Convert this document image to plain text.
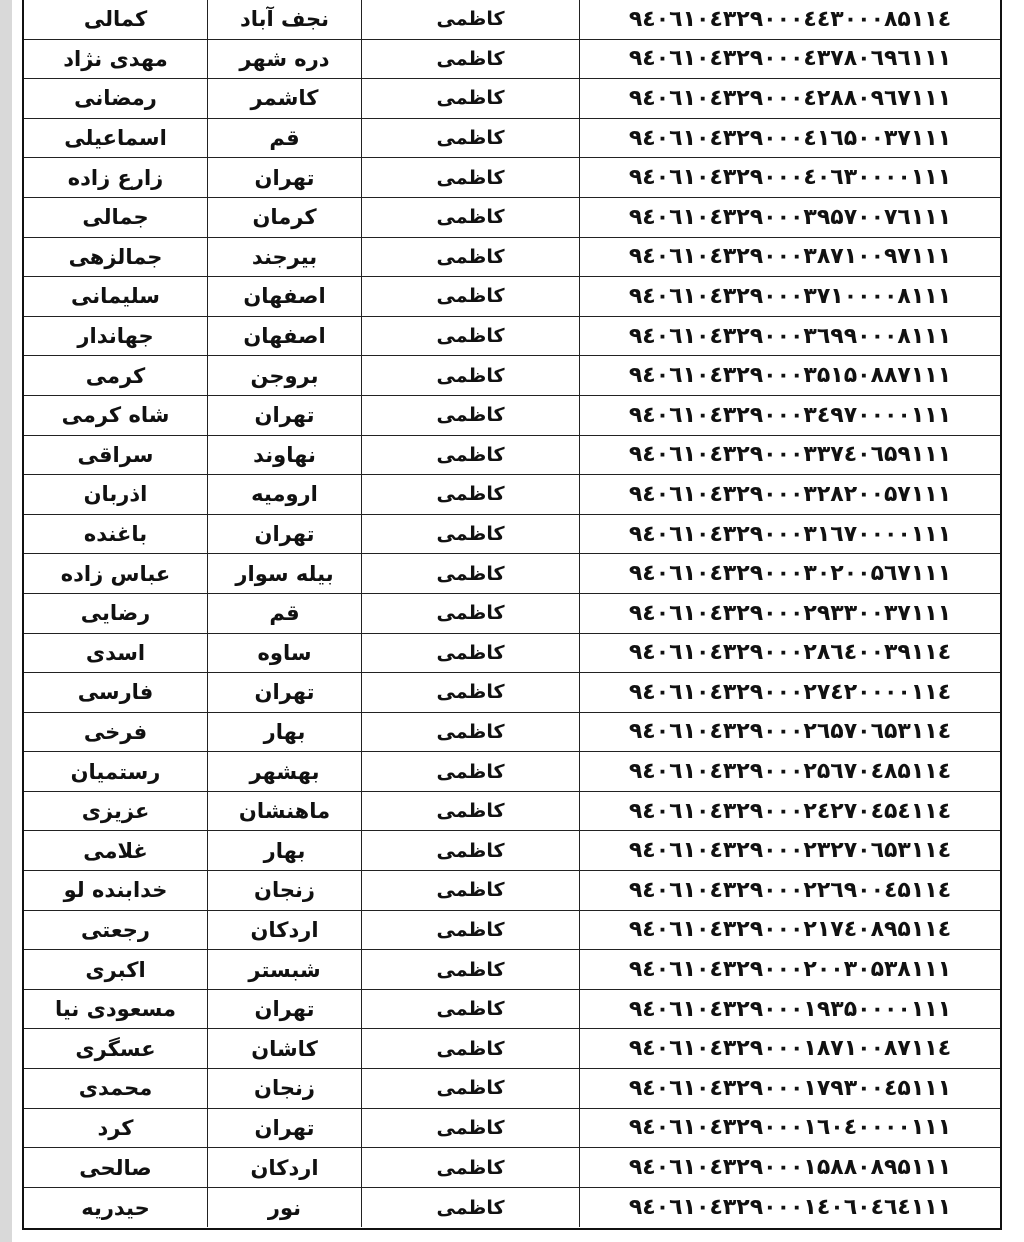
کمالی	نجف آباد	کاظمی	۹٤۰٦۱۰٤۳۲۹۰۰۰٤٤۳۰۰۰۸۵۱۱٤
مهدی نژاد	دره شهر	کاظمی	۹٤۰٦۱۰٤۳۲۹۰۰۰٤۳۷۸۰٦۹٦۱۱۱
رمضانی	کاشمر	کاظمی	۹٤۰٦۱۰٤۳۲۹۰۰۰٤۲۸۸۰۹٦۷۱۱۱
اسماعیلی	قم	کاظمی	۹٤۰٦۱۰٤۳۲۹۰۰۰٤۱٦۵۰۰۳۷۱۱۱
زارع زاده	تهران	کاظمی	۹٤۰٦۱۰٤۳۲۹۰۰۰٤۰٦۳۰۰۰۰۱۱۱
جمالی	کرمان	کاظمی	۹٤۰٦۱۰٤۳۲۹۰۰۰۳۹۵۷۰۰۷٦۱۱۱
جمالزهی	بیرجند	کاظمی	۹٤۰٦۱۰٤۳۲۹۰۰۰۳۸۷۱۰۰۹۷۱۱۱
سلیمانی	اصفهان	کاظمی	۹٤۰٦۱۰٤۳۲۹۰۰۰۳۷۱۰۰۰۰۸۱۱۱
جهاندار	اصفهان	کاظمی	۹٤۰٦۱۰٤۳۲۹۰۰۰۳٦۹۹۰۰۰۸۱۱۱
کرمی	بروجن	کاظمی	۹٤۰٦۱۰٤۳۲۹۰۰۰۳۵۱۵۰۸۸۷۱۱۱
شاه کرمی	تهران	کاظمی	۹٤۰٦۱۰٤۳۲۹۰۰۰۳٤۹۷۰۰۰۰۱۱۱
سراقی	نهاوند	کاظمی	۹٤۰٦۱۰٤۳۲۹۰۰۰۳۳۷٤۰٦۵۹۱۱۱
اذربان	ارومیه	کاظمی	۹٤۰٦۱۰٤۳۲۹۰۰۰۳۲۸۲۰۰۵۷۱۱۱
باغنده	تهران	کاظمی	۹٤۰٦۱۰٤۳۲۹۰۰۰۳۱٦۷۰۰۰۰۱۱۱
عباس زاده	بیله سوار	کاظمی	۹٤۰٦۱۰٤۳۲۹۰۰۰۳۰۲۰۰۵٦۷۱۱۱
رضایی	قم	کاظمی	۹٤۰٦۱۰٤۳۲۹۰۰۰۲۹۳۳۰۰۳۷۱۱۱
اسدی	ساوه	کاظمی	۹٤۰٦۱۰٤۳۲۹۰۰۰۲۸٦٤۰۰۳۹۱۱٤
فارسی	تهران	کاظمی	۹٤۰٦۱۰٤۳۲۹۰۰۰۲۷٤۲۰۰۰۰۱۱٤
فرخی	بهار	کاظمی	۹٤۰٦۱۰٤۳۲۹۰۰۰۲٦۵۷۰٦۵۳۱۱٤
رستمیان	بهشهر	کاظمی	۹٤۰٦۱۰٤۳۲۹۰۰۰۲۵٦۷۰٤۸۵۱۱٤
عزیزی	ماهنشان	کاظمی	۹٤۰٦۱۰٤۳۲۹۰۰۰۲٤۲۷۰٤۵٤۱۱٤
غلامی	بهار	کاظمی	۹٤۰٦۱۰٤۳۲۹۰۰۰۲۳۲۷۰٦۵۳۱۱٤
خدابنده لو	زنجان	کاظمی	۹٤۰٦۱۰٤۳۲۹۰۰۰۲۲٦۹۰۰٤۵۱۱٤
رجعتی	اردکان	کاظمی	۹٤۰٦۱۰٤۳۲۹۰۰۰۲۱۷٤۰۸۹۵۱۱٤
اکبری	شبستر	کاظمی	۹٤۰٦۱۰٤۳۲۹۰۰۰۲۰۰۳۰۵۳۸۱۱۱
مسعودی نیا	تهران	کاظمی	۹٤۰٦۱۰٤۳۲۹۰۰۰۱۹۳۵۰۰۰۰۱۱۱
عسگری	کاشان	کاظمی	۹٤۰٦۱۰٤۳۲۹۰۰۰۱۸۷۱۰۰۸۷۱۱٤
محمدی	زنجان	کاظمی	۹٤۰٦۱۰٤۳۲۹۰۰۰۱۷۹۳۰۰٤۵۱۱۱
کرد	تهران	کاظمی	۹٤۰٦۱۰٤۳۲۹۰۰۰۱٦۰٤۰۰۰۰۱۱۱
صالحی	اردکان	کاظمی	۹٤۰٦۱۰٤۳۲۹۰۰۰۱۵۸۸۰۸۹۵۱۱۱
حیدریه	نور	کاظمی	۹٤۰٦۱۰٤۳۲۹۰۰۰۱٤۰٦۰٤٦٤۱۱۱
